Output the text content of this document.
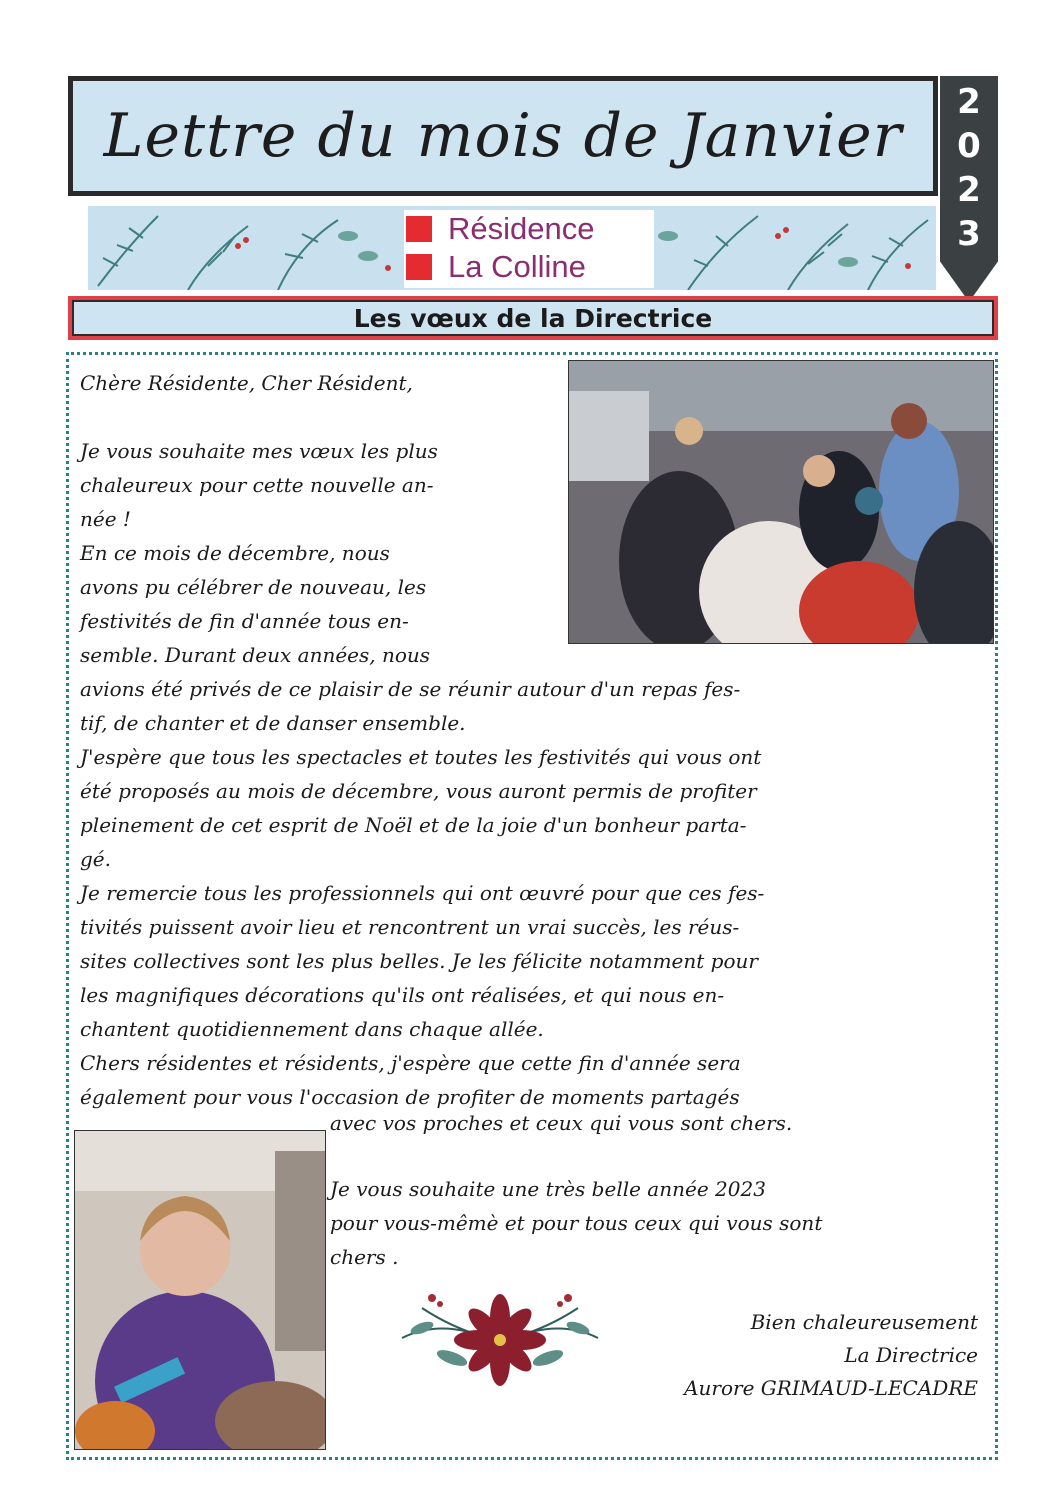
Lettre du mois de Janvier 2
0
2
3
Résidence
La Colline
Les vœux de la Directrice

Chère Résidente, Cher Résident,

Je vous souhaite mes vœux les plus
chaleureux pour cette nouvelle an-
née !
En ce mois de décembre, nous
avons pu célébrer de nouveau, les
festivités de fin d'année tous en-
semble. Durant deux années, nous

avions été privés de ce plaisir de se réunir autour d'un repas fes-
tif, de chanter et de danser ensemble.
J'espère que tous les spectacles et toutes les festivités qui vous ont
été proposés au mois de décembre, vous auront permis de profiter
pleinement de cet esprit de Noël et de la joie d'un bonheur parta-
gé.
Je remercie tous les professionnels qui ont œuvré pour que ces fes-
tivités puissent avoir lieu et rencontrent un vrai succès, les réus-
sites collectives sont les plus belles. Je les félicite notamment pour
les magnifiques décorations qu'ils ont réalisées, et qui nous en-
chantent quotidiennement dans chaque allée.
Chers résidentes et résidents, j'espère que cette fin d'année sera
également pour vous l'occasion de profiter de moments partagés

avec vos proches et ceux qui vous sont chers.

Je vous souhaite une très belle année 2023
pour vous-mêmè et pour tous ceux qui vous sont
chers .

Bien chaleureusement
La Directrice
Aurore GRIMAUD-LECADRE
